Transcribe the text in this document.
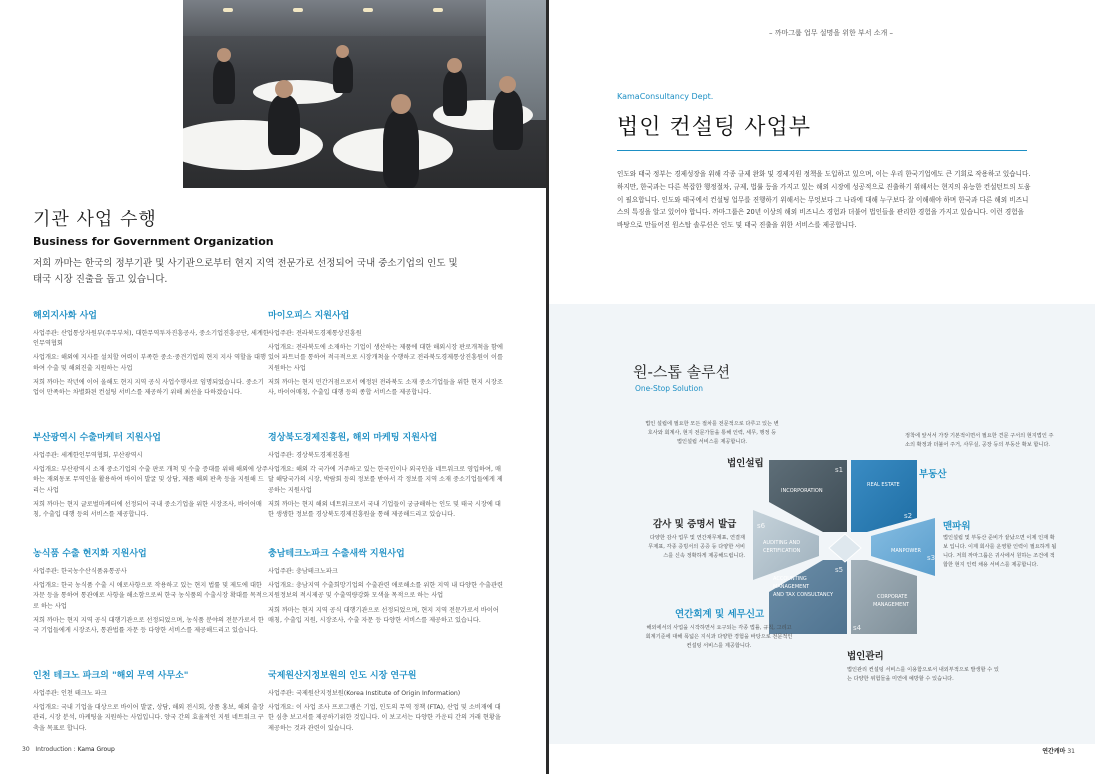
기관 사업 수행
Business for Government Organization
저희 까마는 한국의 정부기관 및 사기관으로부터 현지 지역 전문가로 선정되어 국내 중소기업의 인도 및 태국 시장 진출을 돕고 있습니다.
해외지사화 사업

사업주관: 산업통상자원부(주무부처), 대한무역투자진흥공사, 중소기업진흥공단, 세계한인무역협회

사업개요: 해외에 지사를 설치할 여력이 부족한 중소·중견기업의 현지 지사 역할을 대행하여 수출 및 해외진출 지원하는 사업

저희 까마는 작년에 이어 올해도 현지 지역 공식 사업수행사로 임명되었습니다. 중소기업이 만족하는 차별화된 컨설팅 서비스를 제공하기 위해 최선을 다하겠습니다.

마이오피스 지원사업

사업주관: 전라북도경제통상진흥원

사업개요: 전라북도에 소재하는 기업이 생산하는 제품에 대한 해외시장 판로개척을 함에 있어 파트너를 통하여 적극적으로 시장개척을 수행하고 전라북도경제통상진흥원이 이를 지원하는 사업

저희 까마는 현지 민간거점으로서 예정된 전라북도 소재 중소기업들을 위한 현지 시장조사, 바이어매칭, 수출입 대행 등의 종합 서비스를 제공합니다.

부산광역시 수출마케터 지원사업

사업주관: 세계한인무역협회, 부산광역시

사업개요: 부산광역시 소재 중소기업의 수출 판로 개척 및 수출 증대를 위해 해외에 상주하는 재외동포 무역인을 활용하여 바이어 발굴 및 상담, 제품 해외 판촉 등을 지원해 드리는 사업

저희 까마는 현지 글로벌마케터에 선정되어 국내 중소기업을 위한 시장조사, 바이어매칭, 수출입 대행 등의 서비스를 제공합니다.

경상북도경제진흥원, 해외 마케팅 지원사업

사업주관: 경상북도경제진흥원

사업개요: 해외 각 국가에 거주하고 있는 한국인이나 외국인을 네트워크로 영입하여, 매 달 해당국가의 시장, 박람회 등의 정보를 받아서 각 정보를 지역 소재 중소기업들에게 제공하는 지원사업

저희 까마는 현지 해외 네트워크로서 국내 기업들이 궁금해하는 인도 및 태국 시장에 대한 생생한 정보를 경상북도경제진흥원을 통해 제공해드리고 있습니다.

농식품 수출 현지화 지원사업

사업주관: 한국농수산식품유통공사

사업개요: 한국 농식품 수출 시 애로사항으로 작용하고 있는 현지 법률 및 제도에 대한 자문 등을 통하여 통관애로 사항을 해소함으로써 한국 농식품의 수출시장 확대를 목적으로 하는 사업

저희 까마는 현지 지역 공식 대행기관으로 선정되었으며, 농식품 분야의 전문가로서 한국 기업들에게 시장조사, 통관법률 자문 등 다양한 서비스를 제공해드리고 있습니다.

충남테크노파크 수출새싹 지원사업

사업주관: 충남테크노파크

사업개요: 충남지역 수출희망기업의 수출관련 애로해소를 위한 지역 내 다양한 수출관련 지원정보의 적시제공 및 수출역량강화 모색을 목적으로 하는 사업

저희 까마는 현지 지역 공식 대행기관으로 선정되었으며, 현지 지역 전문가로서 바이어 매칭, 수출입 지원, 시장조사, 수출 자문 등 다양한 서비스를 제공하고 있습니다.

인천 테크노 파크의 "해외 무역 사무소"

사업주관: 인천 테크노 파크

사업개요: 국내 기업을 대상으로 바이어 발굴, 상담, 해외 전시회, 상품 홍보, 해외 출장 관리, 시장 분석, 마케팅을 지원하는 사업입니다. 양국 간의 효율적인 지원 네트워크 구축을 목표로 합니다.

국제원산지정보원의 인도 시장 연구원

사업주관: 국제원산지정보원(Korea Institute of Origin Information)

사업개요: 이 사업 조사 프로그램은 기업, 인도의 무역 정책 (FTA), 산업 및 소비재에 대한 심층 보고서를 제공하기위한 것입니다. 이 보고서는 다양한 카운티 간의 거래 현황을 제공하는 것과 관련이 있습니다.

30 Introduction : Kama Group
– 까마그룹 업무 설명을 위한 부서 소개 –
KamaConsultancy Dept.
법인 컨설팅 사업부
인도와 태국 정부는 경제성장을 위해 각종 규제 완화 및 경제지원 정책을 도입하고 있으며, 이는 우리 한국기업에도 큰 기회로 작용하고 있습니다. 하지만, 한국과는 다른 복잡한 행정절차, 규제, 법률 등을 가지고 있는 해외 시장에 성공적으로 진출하기 위해서는 현지의 유능한 컨설턴트의 도움이 필요합니다. 인도와 태국에서 컨설팅 업무를 진행하기 위해서는 무엇보다 그 나라에 대해 누구보다 잘 이해해야 하며 한국과 다른 해외 비즈니스의 특징을 알고 있어야 합니다. 까마그룹은 20년 이상의 해외 비즈니스 경험과 더불어 법인들을 관리한 경험을 가지고 있습니다. 이런 경험을 바탕으로 만들어진 원스탑 솔루션은 인도 및 태국 진출을 위한 서비스를 제공합니다.
원-스톱 솔루션
One-Stop Solution
s1
INCORPORATION
s2
REAL ESTATE
s3
MANPOWER
s4
CORPORATE
MANAGEMENT
s5
ACCOUNTING
MANAGEMENT
AND TAX CONSULTANCY
s6
AUDITING AND
CERTIFICATION
법인 설립에 필요한 모든 절차를 전문적으로 다루고 있는 변호사와 회계사, 현지 전문가들을 통해 인력, 세무, 행정 등 법인설립 서비스를 제공합니다.
법인설립
정착에 앞서서 가장 기본적이면서 필요한 견문 구서의 현지법인 주소의 확정과 더불어 주거, 사무실, 공장 등의 부동산 확보 합니다.
부동산
맨파워
법인설립 및 부동산 준비가 끝났으면 이제 인재 확보 입니다. 이제 회사를 운영할 인력이 필요하게 됩니다. 저희 까마그룹은 귀사에서 원하는 조건에 적합한 현지 인력 채용 서비스를 제공합니다.
감사 및 증명서 발급
다양한 감사 업무 및 연간재무제표, 연결재무제표, 각종 증빙서의 공증 등 다양한 서비스를 신속 정확하게 제공해드립니다.
연간회계 및 세무신고
해외에서의 사업을 시작하면서 요구되는 각종 법률, 규칙, 그리고 회계기준에 대해 폭넓은 지식과 다양한 경험을 바탕으로 전문적인 컨설팅 서비스를 제공합니다.
법인관리
법인관리 컨설팅 서비스를 이용함으로서 내외부적으로 발생할 수 있는 다양한 위험들을 미연에 예방할 수 있습니다.
연간캐마 31
